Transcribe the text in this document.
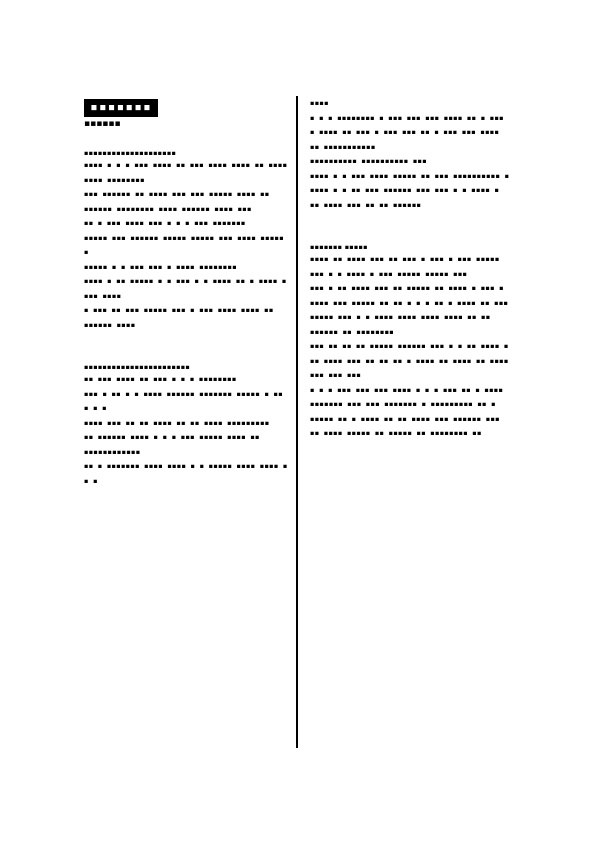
▪▪▪▪▪▪▪

▪▪▪▪▪▪

▪▪▪▪▪▪▪▪▪▪▪▪▪▪▪▪▪▪▪▪

▪▪▪▪ ▪ ▪ ▪ ▪▪▪ ▪▪▪▪ ▪▪ ▪▪▪ ▪▪▪▪ ▪▪▪▪ ▪▪ ▪▪▪▪ ▪▪▪▪ ▪▪▪▪▪▪▪▪

▪▪▪ ▪▪▪▪▪▪ ▪▪ ▪▪▪▪ ▪▪▪ ▪▪▪ ▪▪▪▪▪ ▪▪▪▪ ▪▪ ▪▪▪▪▪▪ ▪▪▪▪▪▪▪▪ ▪▪▪▪ ▪▪▪▪▪▪ ▪▪▪▪ ▪▪▪

▪▪ ▪ ▪▪▪ ▪▪▪▪ ▪▪▪ ▪ ▪ ▪ ▪▪▪ ▪▪▪▪▪▪▪

▪▪▪▪▪ ▪▪▪ ▪▪▪▪▪▪ ▪▪▪▪▪ ▪▪▪▪▪ ▪▪▪ ▪▪▪▪ ▪▪▪▪▪ ▪

▪▪▪▪▪ ▪ ▪ ▪▪▪ ▪▪▪ ▪ ▪▪▪▪ ▪▪▪▪▪▪▪▪

▪▪▪▪ ▪ ▪▪ ▪▪▪▪▪ ▪ ▪ ▪▪▪ ▪ ▪ ▪▪▪▪ ▪▪ ▪ ▪▪▪▪ ▪ ▪▪▪ ▪▪▪▪

▪ ▪▪▪ ▪▪ ▪▪▪ ▪▪▪▪▪ ▪▪▪ ▪ ▪▪▪ ▪▪▪▪ ▪▪▪▪ ▪▪ ▪▪▪▪▪▪ ▪▪▪▪

▪▪▪▪▪▪▪▪▪▪▪▪▪▪▪▪▪▪▪▪▪▪▪

▪▪ ▪▪▪ ▪▪▪▪ ▪▪ ▪▪▪ ▪ ▪ ▪ ▪▪▪▪▪▪▪▪

▪▪▪ ▪ ▪▪ ▪ ▪ ▪▪▪▪ ▪▪▪▪▪▪ ▪▪▪▪▪▪▪ ▪▪▪▪▪ ▪ ▪▪ ▪ ▪ ▪

▪▪▪▪ ▪▪▪ ▪▪ ▪▪ ▪▪▪▪ ▪▪ ▪▪ ▪▪▪▪ ▪▪▪▪▪▪▪▪▪

▪▪ ▪▪▪▪▪▪ ▪▪▪▪ ▪ ▪ ▪ ▪▪▪ ▪▪▪▪▪ ▪▪▪▪ ▪▪ ▪▪▪▪▪▪▪▪▪▪▪▪

▪▪ ▪ ▪▪▪▪▪▪▪ ▪▪▪▪ ▪▪▪▪ ▪ ▪ ▪▪▪▪▪ ▪▪▪▪ ▪▪▪▪ ▪ ▪ ▪

▪▪▪▪

▪ ▪ ▪ ▪▪▪▪▪▪▪▪ ▪ ▪▪▪ ▪▪▪ ▪▪▪ ▪▪▪▪ ▪▪ ▪ ▪▪▪ ▪ ▪▪▪▪ ▪▪ ▪▪▪ ▪ ▪▪▪ ▪▪▪ ▪▪ ▪ ▪▪▪ ▪▪▪ ▪▪▪▪ ▪▪ ▪▪▪▪▪▪▪▪▪▪▪

▪▪▪▪▪▪▪▪▪▪ ▪▪▪▪▪▪▪▪▪▪ ▪▪▪

▪▪▪▪ ▪ ▪ ▪▪▪ ▪▪▪▪ ▪▪▪▪▪ ▪▪ ▪▪▪ ▪▪▪▪▪▪▪▪▪▪ ▪ ▪▪▪▪ ▪ ▪ ▪▪ ▪▪▪ ▪▪▪▪▪▪ ▪▪▪ ▪▪▪ ▪ ▪ ▪▪▪▪ ▪ ▪▪ ▪▪▪▪ ▪▪▪ ▪▪ ▪▪ ▪▪▪▪▪▪

▪▪▪▪▪▪▪ ▪▪▪▪▪

▪▪▪▪ ▪▪ ▪▪▪▪ ▪▪▪ ▪▪ ▪▪▪ ▪ ▪▪▪ ▪ ▪▪▪ ▪▪▪▪▪ ▪▪▪ ▪ ▪ ▪▪▪▪ ▪ ▪▪▪ ▪▪▪▪▪ ▪▪▪▪▪ ▪▪▪

▪▪▪ ▪ ▪▪ ▪▪▪▪ ▪▪▪ ▪▪ ▪▪▪▪▪ ▪▪ ▪▪▪▪ ▪ ▪▪▪ ▪ ▪▪▪▪ ▪▪▪ ▪▪▪▪▪ ▪▪ ▪▪ ▪ ▪ ▪ ▪▪ ▪ ▪▪▪▪ ▪▪ ▪▪▪

▪▪▪▪▪ ▪▪▪ ▪ ▪ ▪▪▪▪ ▪▪▪▪ ▪▪▪▪ ▪▪▪▪ ▪▪ ▪▪ ▪▪▪▪▪▪ ▪▪ ▪▪▪▪▪▪▪▪

▪▪▪ ▪▪ ▪▪ ▪▪ ▪▪▪▪▪ ▪▪▪▪▪▪ ▪▪▪ ▪ ▪ ▪▪ ▪▪▪▪ ▪ ▪▪ ▪▪▪▪ ▪▪▪ ▪▪ ▪▪ ▪▪ ▪ ▪▪▪▪ ▪▪ ▪▪▪▪ ▪▪ ▪▪▪▪ ▪▪▪ ▪▪▪ ▪▪▪

▪ ▪ ▪ ▪▪▪ ▪▪▪ ▪▪▪ ▪▪▪▪ ▪ ▪ ▪ ▪▪▪ ▪▪ ▪ ▪▪▪▪ ▪▪▪▪▪▪▪ ▪▪▪ ▪▪▪ ▪▪▪▪▪▪▪ ▪ ▪▪▪▪▪▪▪▪▪ ▪▪ ▪

▪▪▪▪▪ ▪▪ ▪ ▪▪▪▪ ▪▪ ▪▪ ▪▪▪▪ ▪▪▪ ▪▪▪▪▪▪ ▪▪▪ ▪▪ ▪▪▪▪ ▪▪▪▪▪ ▪▪ ▪▪▪▪▪ ▪▪ ▪▪▪▪▪▪▪▪ ▪▪
